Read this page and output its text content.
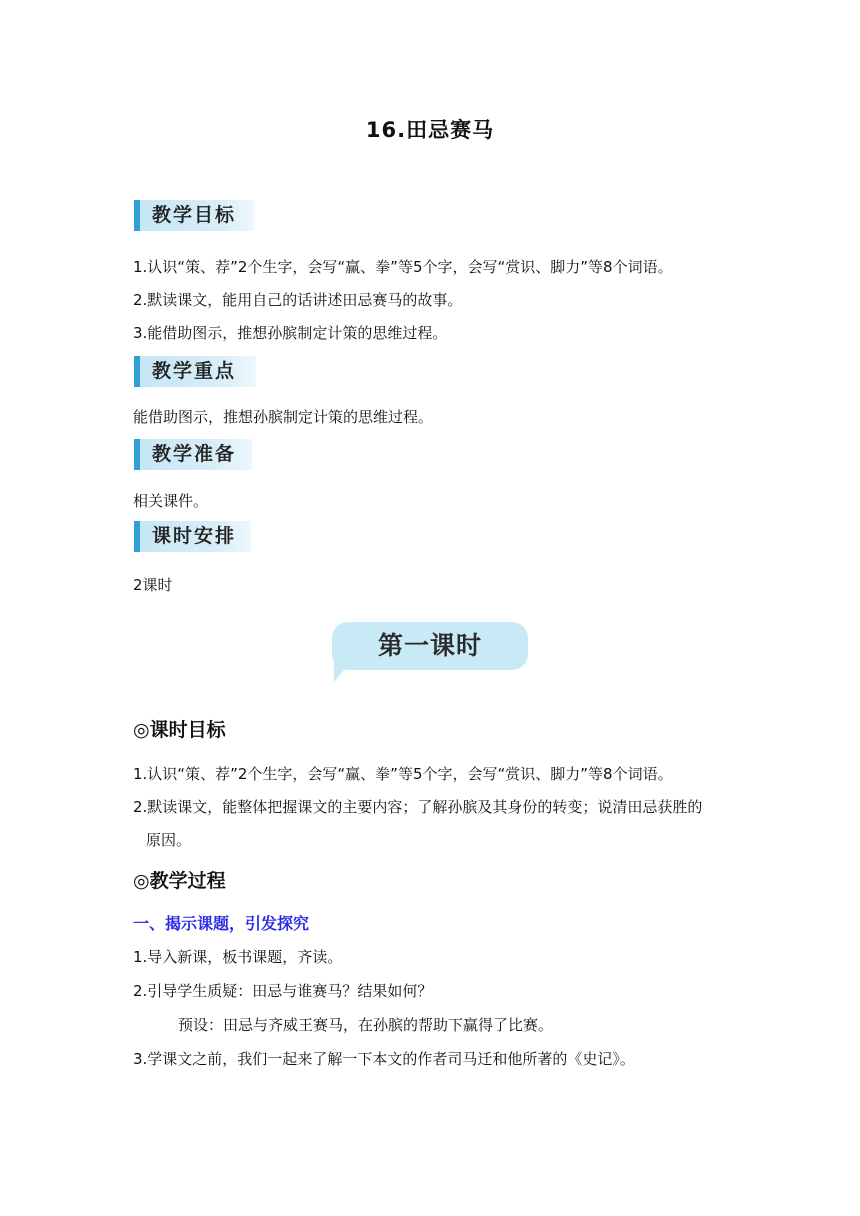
16.田忌赛马
教学目标
1.认识“策、荐”2个生字，会写“赢、拳”等5个字，会写“赏识、脚力”等8个词语。
2.默读课文，能用自己的话讲述田忌赛马的故事。
3.能借助图示，推想孙膑制定计策的思维过程。
教学重点
能借助图示，推想孙膑制定计策的思维过程。
教学准备
相关课件。
课时安排
2课时
第一课时
◎课时目标
1.认识“策、荐”2个生字，会写“赢、拳”等5个字，会写“赏识、脚力”等8个词语。
2.默读课文，能整体把握课文的主要内容；了解孙膑及其身份的转变；说清田忌获胜的
原因。
◎教学过程
一、揭示课题，引发探究
1.导入新课，板书课题，齐读。
2.引导学生质疑：田忌与谁赛马？结果如何？
预设：田忌与齐威王赛马，在孙膑的帮助下赢得了比赛。
3.学课文之前，我们一起来了解一下本文的作者司马迁和他所著的《史记》。
